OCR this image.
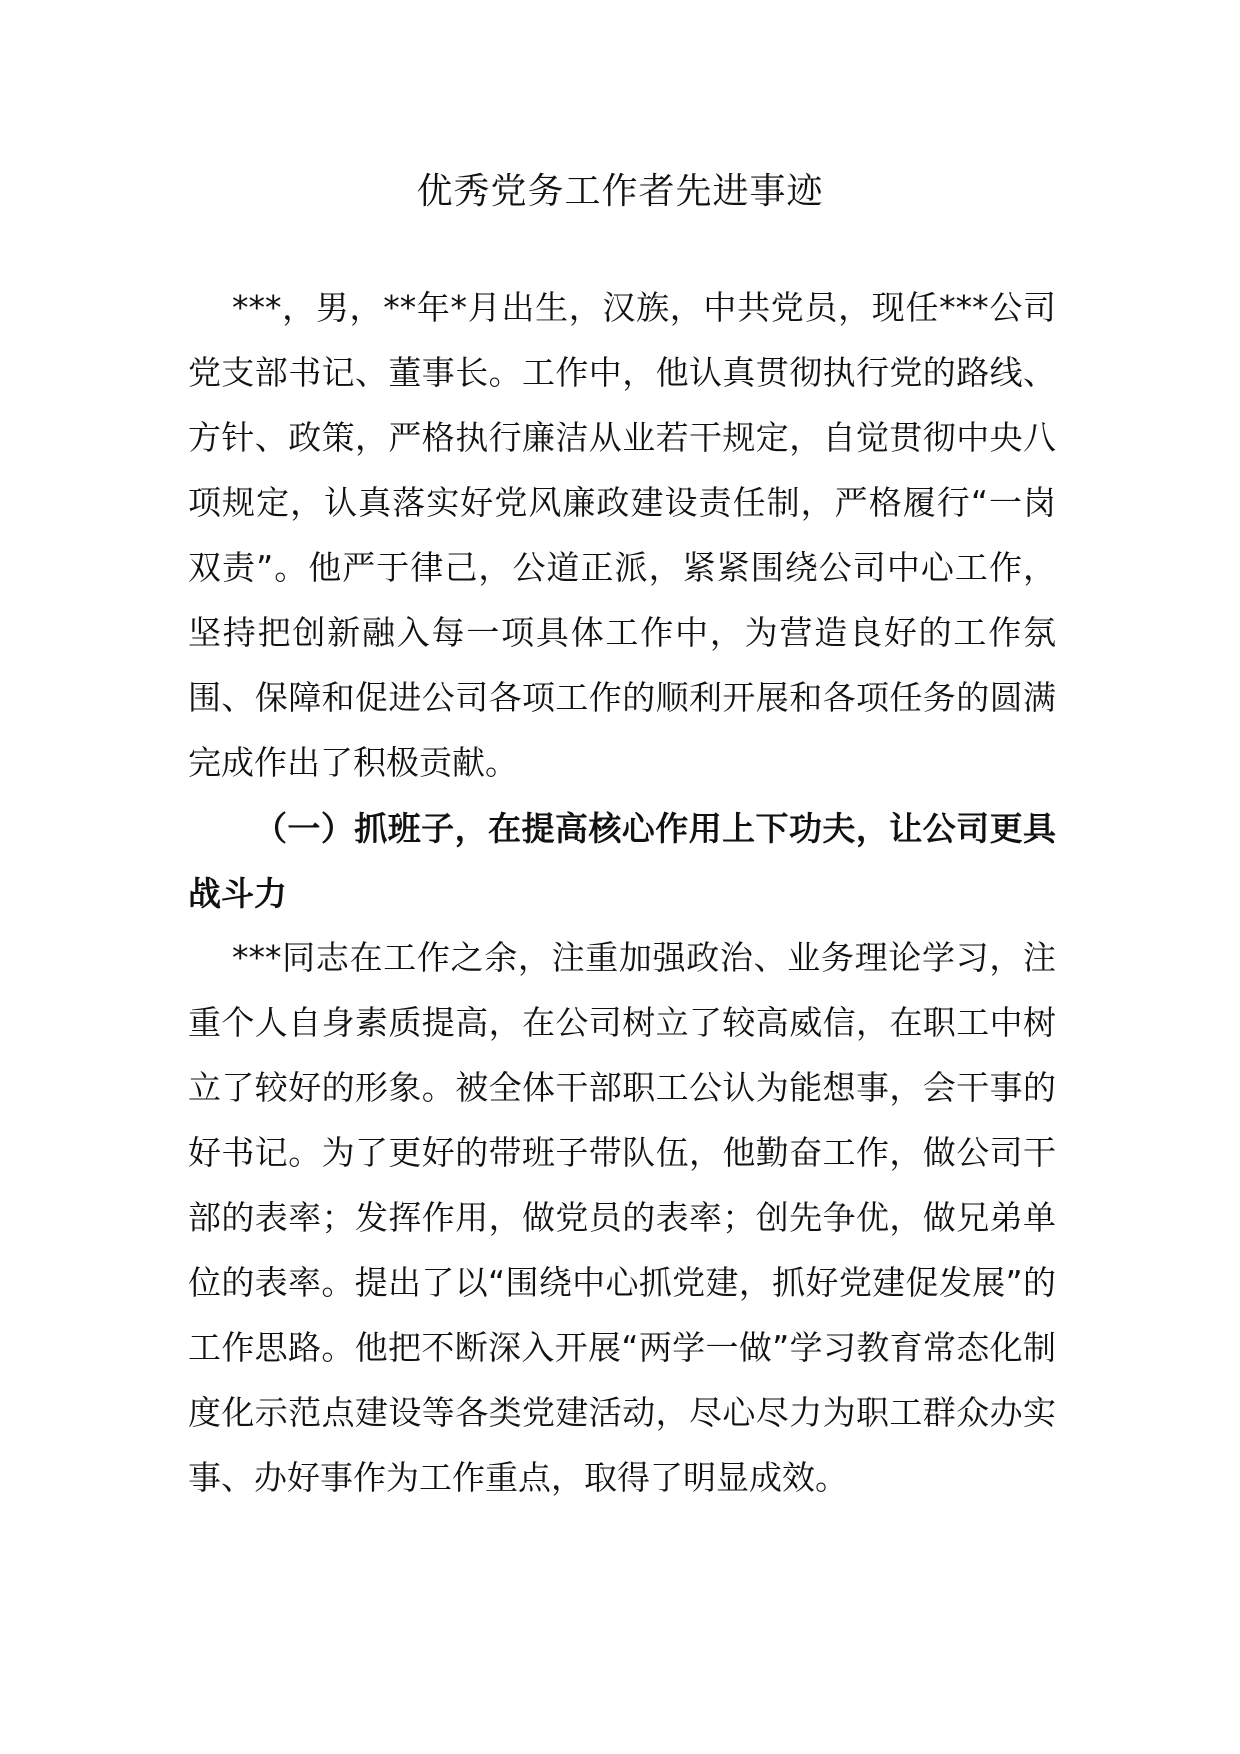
优秀党务工作者先进事迹

***，男，**年*月出生，汉族，中共党员，现任***公司党支部书记、董事长。工作中，他认真贯彻执行党的路线、方针、政策，严格执行廉洁从业若干规定，自觉贯彻中央八项规定，认真落实好党风廉政建设责任制，严格履行“一岗双责”。他严于律己，公道正派，紧紧围绕公司中心工作，坚持把创新融入每一项具体工作中，为营造良好的工作氛围、保障和促进公司各项工作的顺利开展和各项任务的圆满完成作出了积极贡献。

（一）抓班子，在提高核心作用上下功夫，让公司更具战斗力

***同志在工作之余，注重加强政治、业务理论学习，注重个人自身素质提高，在公司树立了较高威信，在职工中树立了较好的形象。被全体干部职工公认为能想事，会干事的好书记。为了更好的带班子带队伍，他勤奋工作，做公司干部的表率；发挥作用，做党员的表率；创先争优，做兄弟单位的表率。提出了以“围绕中心抓党建，抓好党建促发展”的工作思路。他把不断深入开展“两学一做”学习教育常态化制度化示范点建设等各类党建活动，尽心尽力为职工群众办实事、办好事作为工作重点，取得了明显成效。
